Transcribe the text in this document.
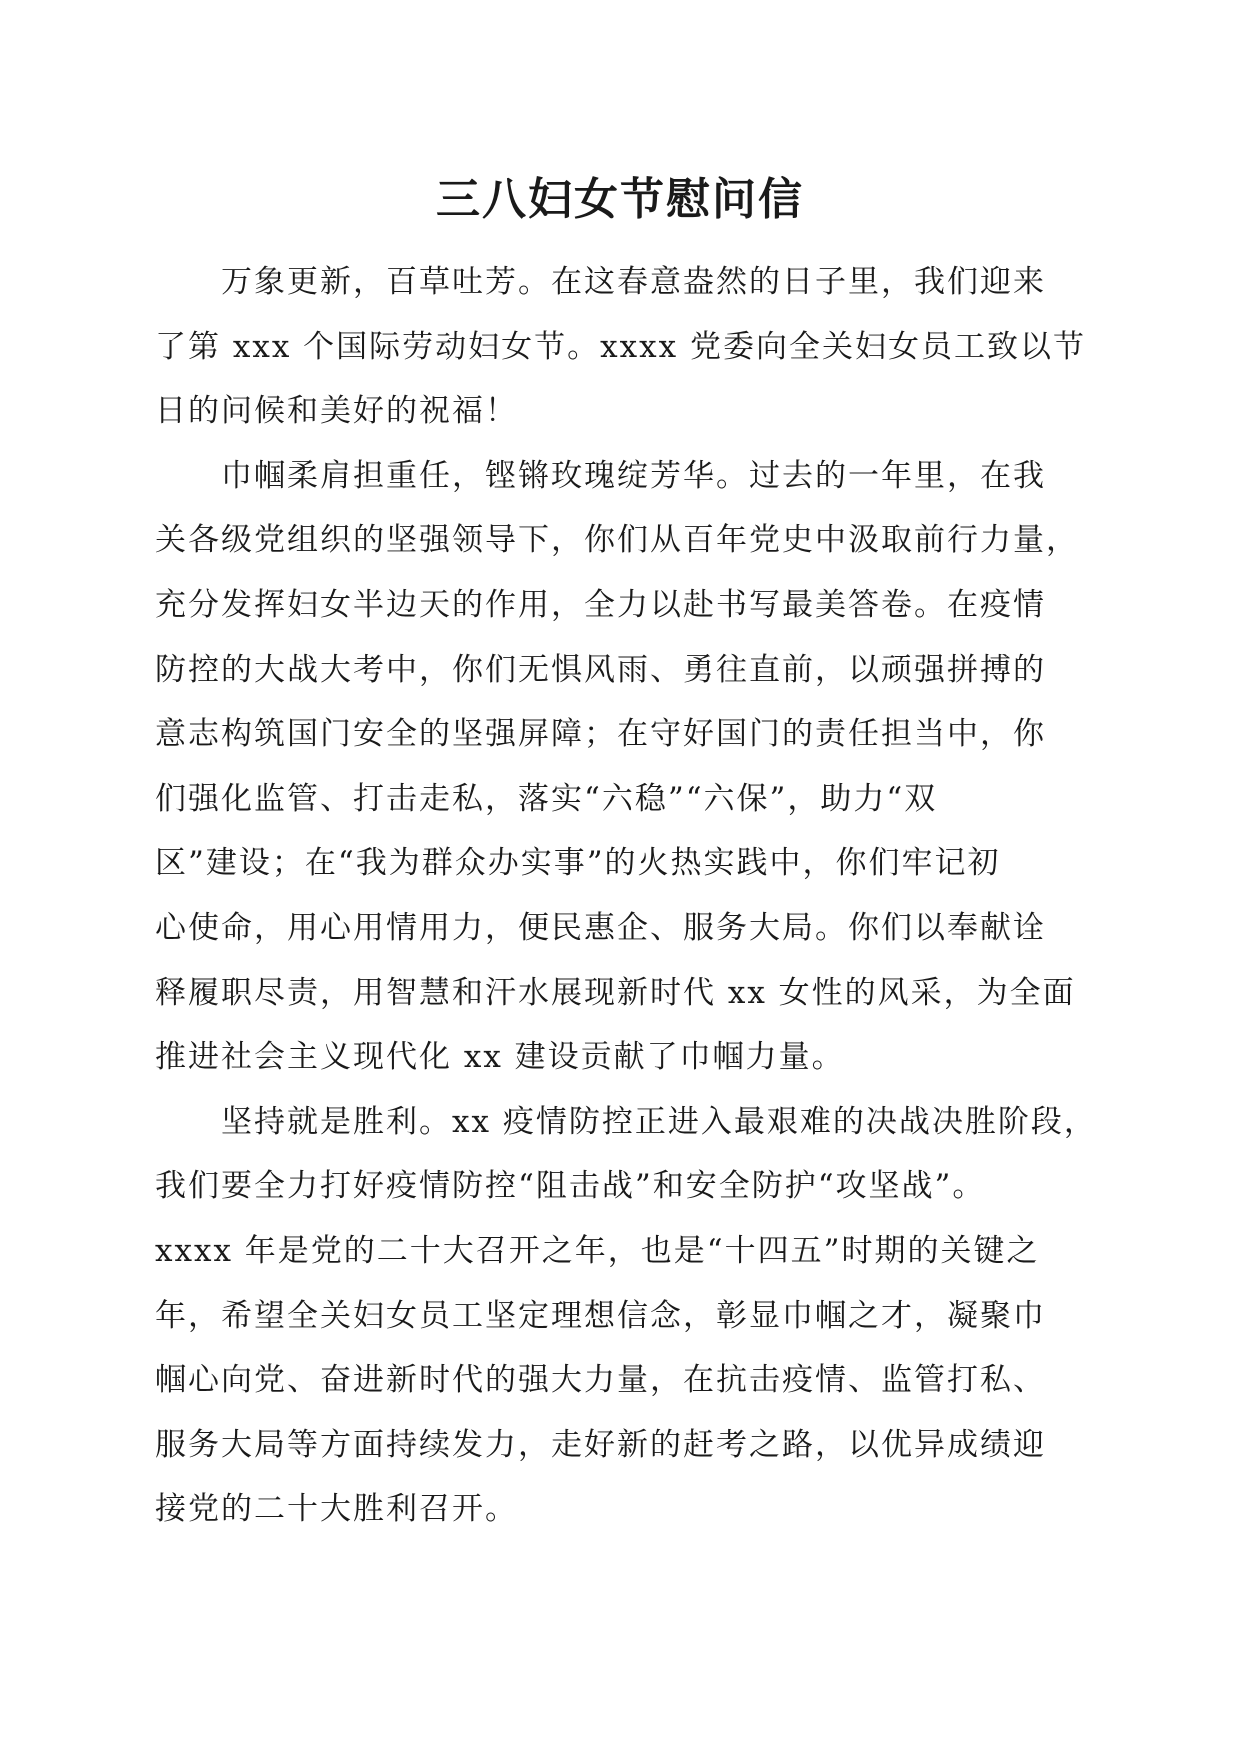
三八妇女节慰问信
万象更新，百草吐芳。在这春意盎然的日子里，我们迎来
了第 xxx 个国际劳动妇女节。xxxx 党委向全关妇女员工致以节
日的问候和美好的祝福！
巾帼柔肩担重任，铿锵玫瑰绽芳华。过去的一年里，在我
关各级党组织的坚强领导下，你们从百年党史中汲取前行力量，
充分发挥妇女半边天的作用，全力以赴书写最美答卷。在疫情
防控的大战大考中，你们无惧风雨、勇往直前，以顽强拼搏的
意志构筑国门安全的坚强屏障；在守好国门的责任担当中，你
们强化监管、打击走私，落实“六稳”“六保”，助力“双
区”建设；在“我为群众办实事”的火热实践中，你们牢记初
心使命，用心用情用力，便民惠企、服务大局。你们以奉献诠
释履职尽责，用智慧和汗水展现新时代 xx 女性的风采，为全面
推进社会主义现代化 xx 建设贡献了巾帼力量。
坚持就是胜利。xx 疫情防控正进入最艰难的决战决胜阶段，
我们要全力打好疫情防控“阻击战”和安全防护“攻坚战”。
xxxx 年是党的二十大召开之年，也是“十四五”时期的关键之
年，希望全关妇女员工坚定理想信念，彰显巾帼之才，凝聚巾
帼心向党、奋进新时代的强大力量，在抗击疫情、监管打私、
服务大局等方面持续发力，走好新的赶考之路，以优异成绩迎
接党的二十大胜利召开。
